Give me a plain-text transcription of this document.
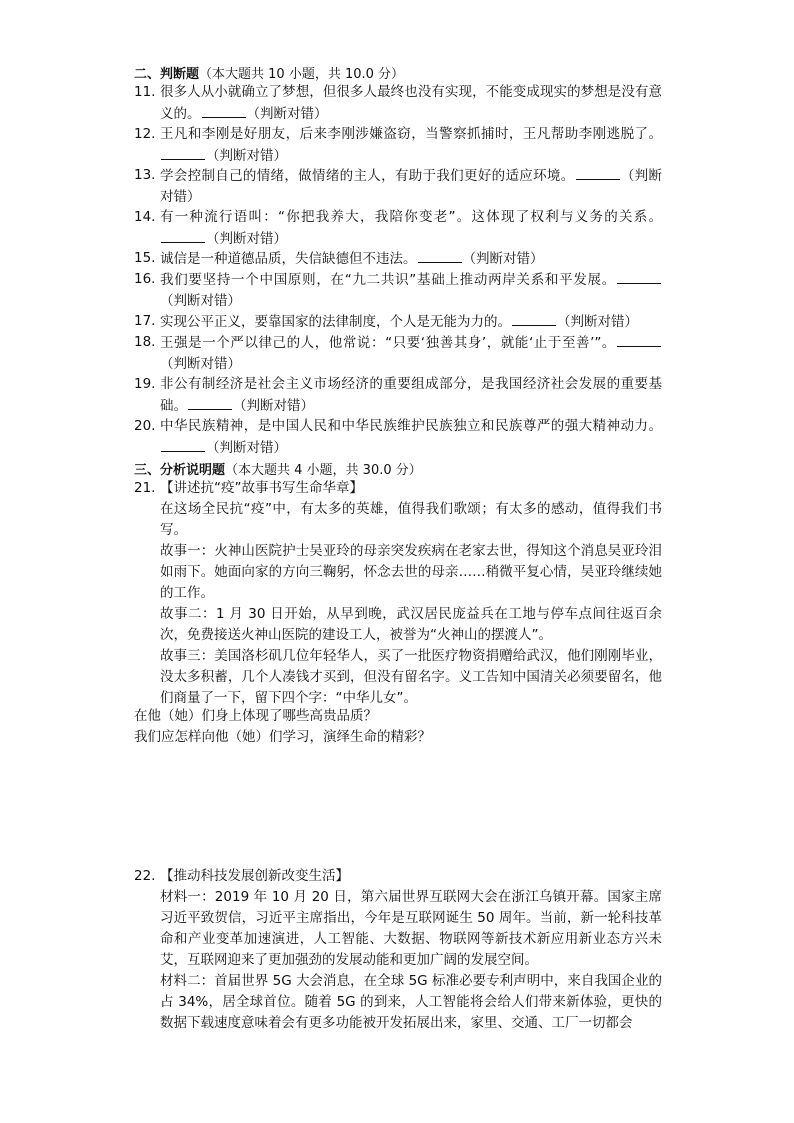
二、判断题（本大题共 10 小题，共 10.0 分）
11. 很多人从小就确立了梦想，但很多人最终也没有实现，不能变成现实的梦想是没有意义的。	（判断对错）
12. 王凡和李刚是好朋友，后来李刚涉嫌盗窃，当警察抓捕时，王凡帮助李刚逃脱了。（判断对错）
13. 学会控制自己的情绪，做情绪的主人，有助于我们更好的适应环境。	（判断对错）
14. 有一种流行语叫：“你把我养大，我陪你变老”。这体现了权利与义务的关系。（判断对错）
15. 诚信是一种道德品质，失信缺德但不违法。	（判断对错）
16. 我们要坚持一个中国原则，在“九二共识”基础上推动两岸关系和平发展。（判断对错）
17. 实现公平正义，要靠国家的法律制度，个人是无能为力的。	（判断对错）
18. 王强是一个严以律己的人，他常说：“只要‘独善其身’，就能‘止于至善’”。（判断对错）
19. 非公有制经济是社会主义市场经济的重要组成部分，是我国经济社会发展的重要基础。	（判断对错）
20. 中华民族精神，是中国人民和中华民族维护民族独立和民族尊严的强大精神动力。（判断对错）
三、分析说明题（本大题共 4 小题，共 30.0 分）
21. 【讲述抗“疫”故事书写生命华章】

在这场全民抗“疫”中，有太多的英雄，值得我们歌颂；有太多的感动，值得我们书写。

故事一：火神山医院护士吴亚玲的母亲突发疾病在老家去世，得知这个消息吴亚玲泪如雨下。她面向家的方向三鞠躬，怀念去世的母亲……稍微平复心情，吴亚玲继续她的工作。

故事二：1 月 30 日开始，从早到晚，武汉居民庞益兵在工地与停车点间往返百余次，免费接送火神山医院的建设工人，被誉为“火神山的摆渡人”。

故事三：美国洛杉矶几位年轻华人，买了一批医疗物资捐赠给武汉，他们刚刚毕业，没太多积蓄，几个人凑钱才买到，但没有留名字。义工告知中国清关必须要留名，他们商量了一下，留下四个字：“中华儿女”。

在他（她）们身上体现了哪些高贵品质？
我们应怎样向他（她）们学习，演绎生命的精彩？
22. 【推动科技发展创新改变生活】

材料一：2019 年 10 月 20 日，第六届世界互联网大会在浙江乌镇开幕。国家主席习近平致贺信，习近平主席指出，今年是互联网诞生 50 周年。当前，新一轮科技革命和产业变革加速演进，人工智能、大数据、物联网等新技术新应用新业态方兴未艾，互联网迎来了更加强劲的发展动能和更加广阔的发展空间。

材料二：首届世界 5G 大会消息，在全球 5G 标准必要专利声明中，来自我国企业的占 34%，居全球首位。随着 5G 的到来，人工智能将会给人们带来新体验，更快的数据下载速度意味着会有更多功能被开发拓展出来，家里、交通、工厂一切都会
